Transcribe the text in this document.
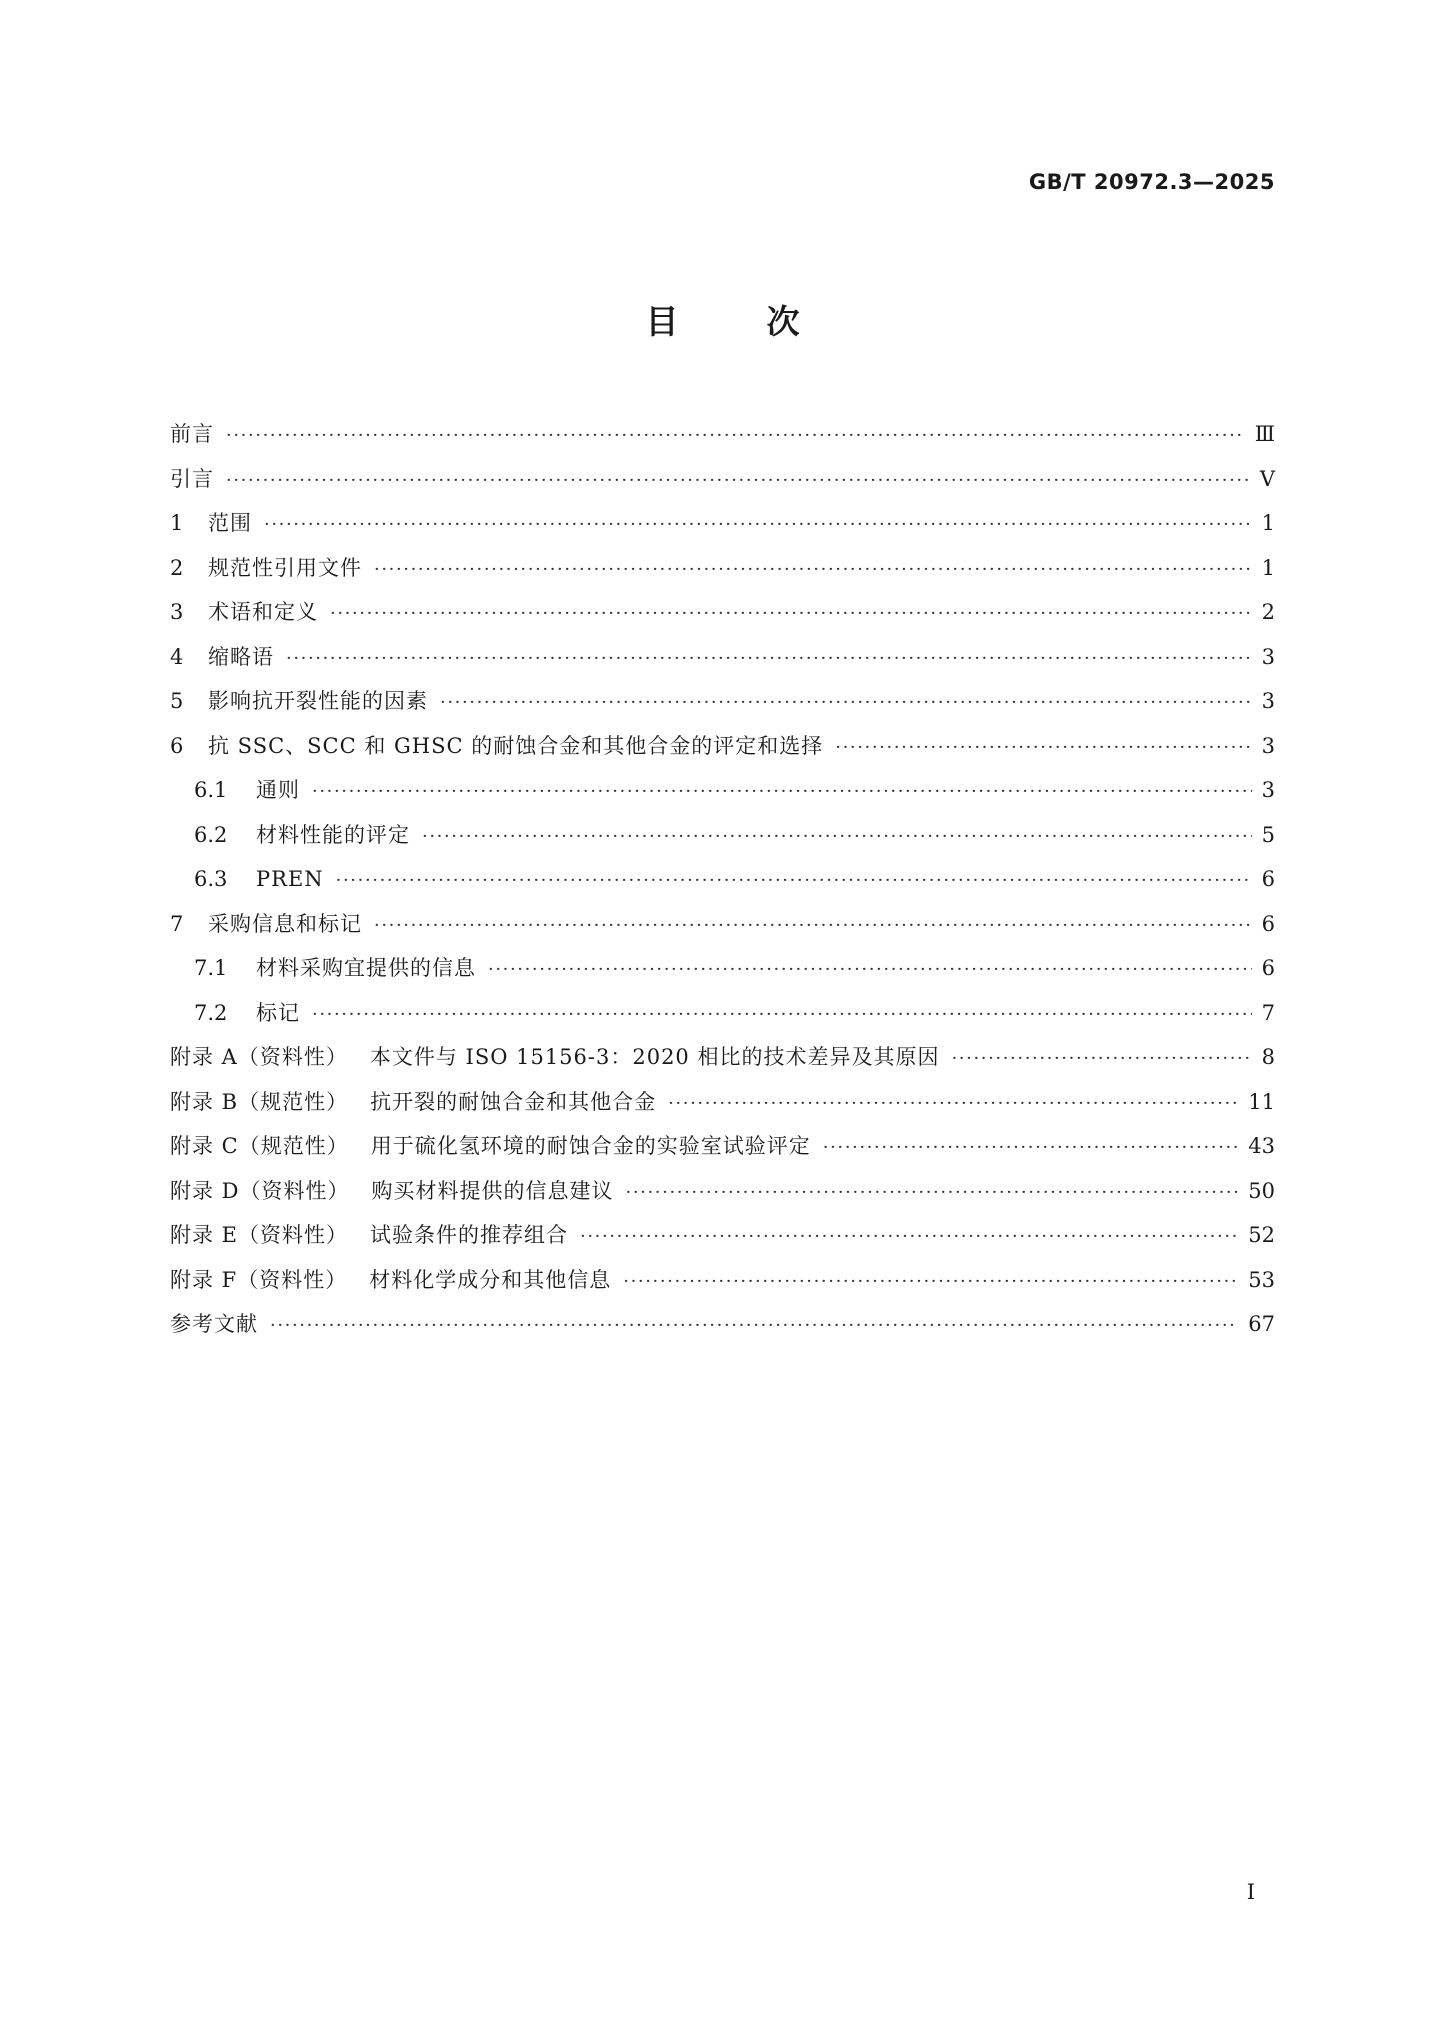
GB/T 20972.3—2025
目	次
前言 ·····	Ⅲ
引言 ·····	Ⅴ
1	范围 ·····	1
2	规范性引用文件 ·····	1
3	术语和定义 ·····	2
4	缩略语 ·····	3
5	影响抗开裂性能的因素 ·····	3
6	抗 SSC、SCC 和 GHSC 的耐蚀合金和其他合金的评定和选择 ·····	3
6.1	通则 ·····	3
6.2	材料性能的评定 ·····	5
6.3	PREN ·····	6
7	采购信息和标记 ·····	6
7.1	材料采购宜提供的信息 ·····	6
7.2	标记 ·····	7
附录 A（资料性） 本文件与 ISO 15156-3：2020 相比的技术差异及其原因 ·····	8
附录 B（规范性） 抗开裂的耐蚀合金和其他合金 ·····	11
附录 C（规范性） 用于硫化氢环境的耐蚀合金的实验室试验评定 ·····	43
附录 D（资料性） 购买材料提供的信息建议 ·····	50
附录 E（资料性） 试验条件的推荐组合 ·····	52
附录 F（资料性） 材料化学成分和其他信息 ·····	53
参考文献 ·····	67
Ⅰ
